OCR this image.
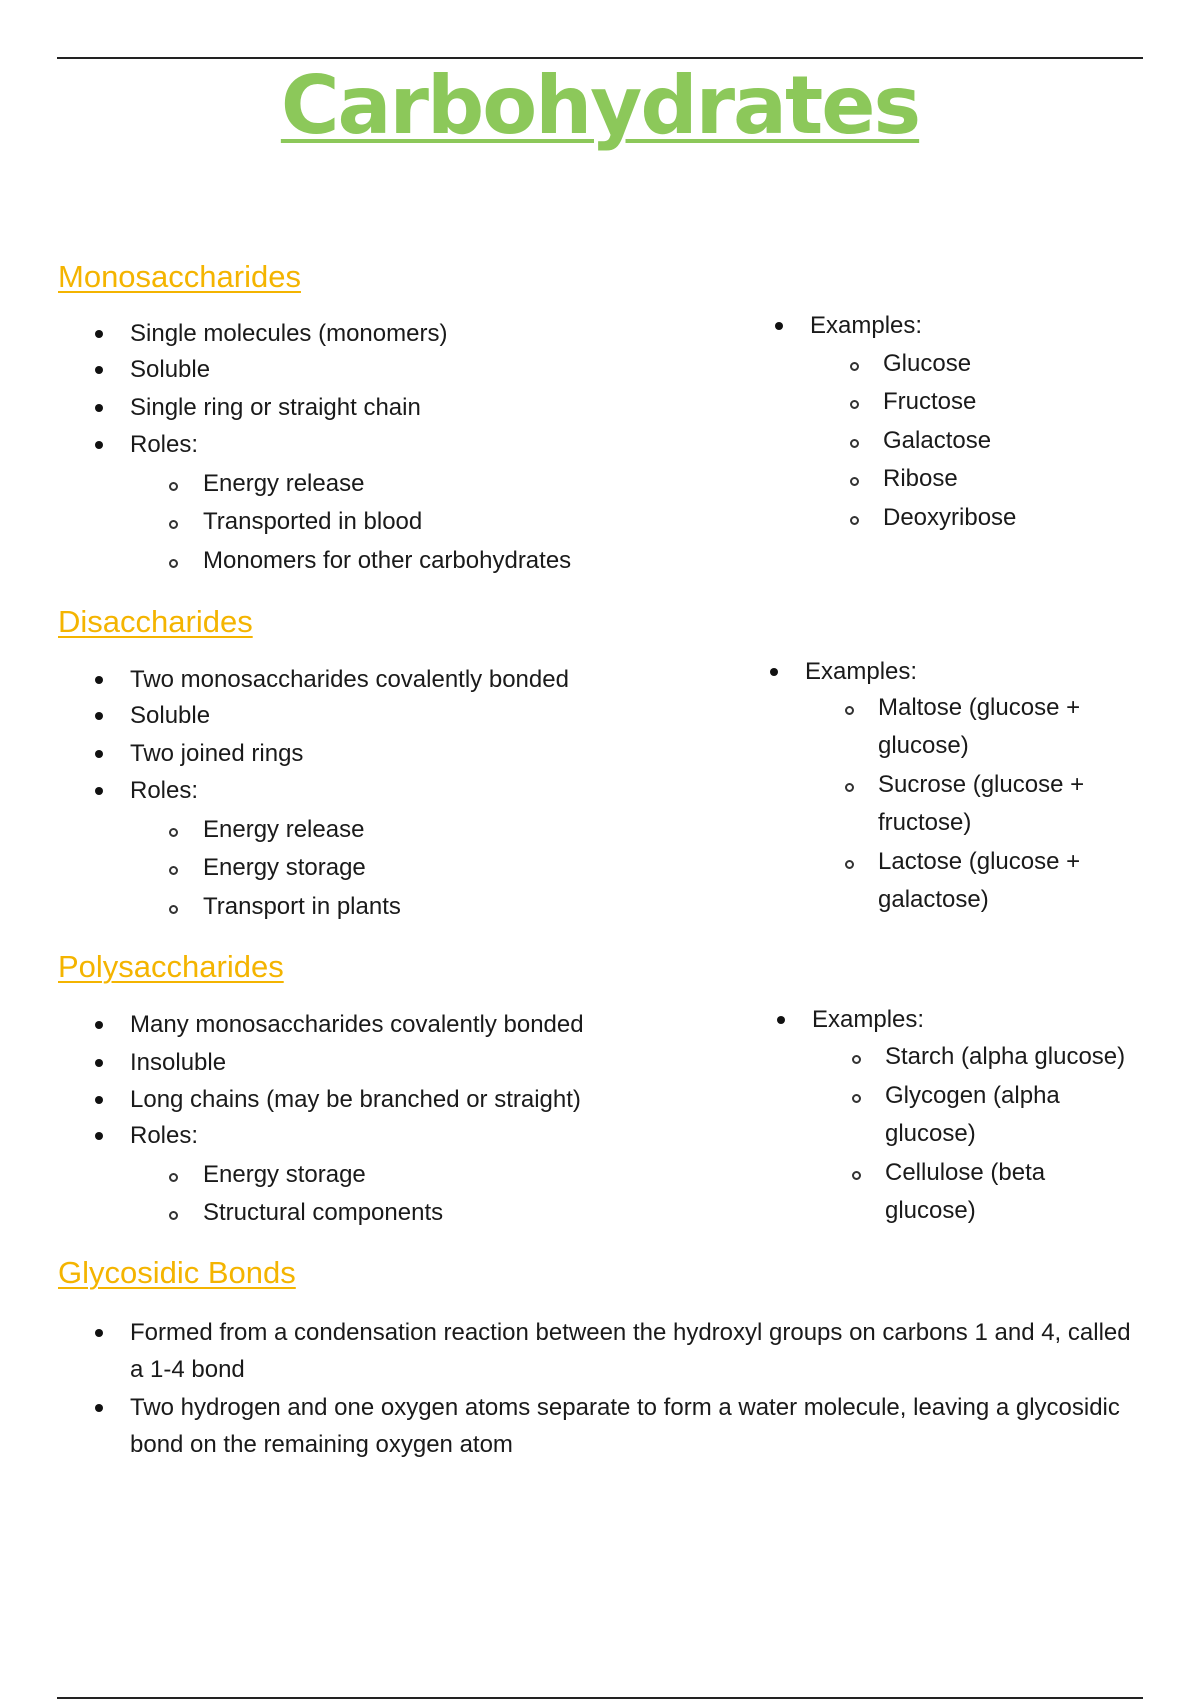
Carbohydrates
Monosaccharides
Single molecules (monomers)
Soluble
Single ring or straight chain
Roles:
Energy release
Transported in blood
Monomers for other carbohydrates
Examples:
Glucose
Fructose
Galactose
Ribose
Deoxyribose
Disaccharides
Two monosaccharides covalently bonded
Soluble
Two joined rings
Roles:
Energy release
Energy storage
Transport in plants
Examples:
Maltose (glucose + glucose)
Sucrose (glucose + fructose)
Lactose (glucose + galactose)
Polysaccharides
Many monosaccharides covalently bonded
Insoluble
Long chains (may be branched or straight)
Roles:
Energy storage
Structural components
Examples:
Starch (alpha glucose)
Glycogen (alpha glucose)
Cellulose (beta glucose)
Glycosidic Bonds
Formed from a condensation reaction between the hydroxyl groups on carbons 1 and 4, called a 1-4 bond
Two hydrogen and one oxygen atoms separate to form a water molecule, leaving a glycosidic bond on the remaining oxygen atom
